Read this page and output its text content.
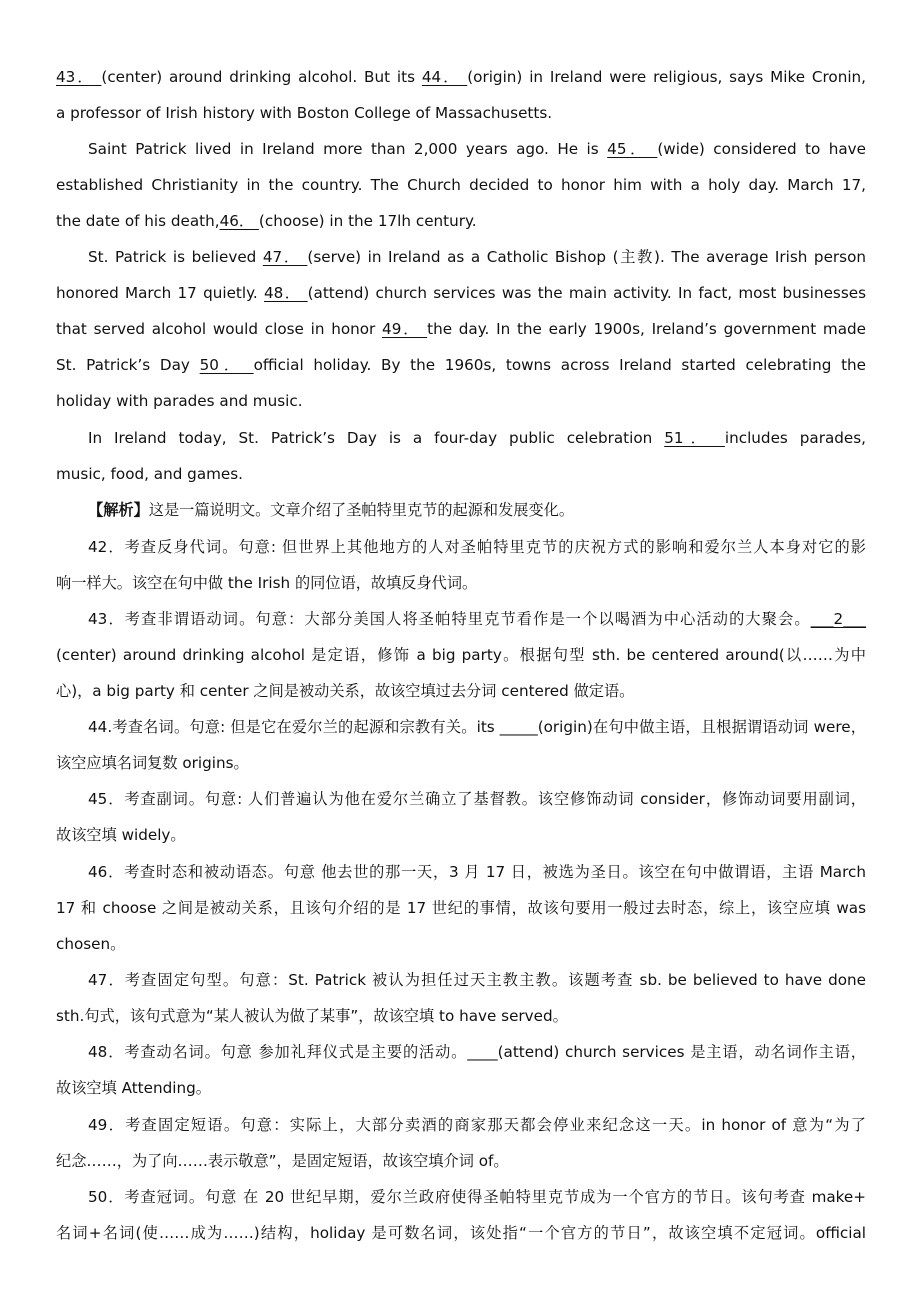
43． (center) around drinking alcohol. But its 44． (origin) in Ireland were religious, says Mike Cronin,
a professor of Irish history with Boston College of Massachusetts.
Saint Patrick lived in Ireland more than 2,000 years ago. He is 45． (wide) considered to have
established Christianity in the country. The Church decided to honor him with a holy day. March 17,
the date of his death,46． (choose) in the 17lh century.
St. Patrick is believed 47． (serve) in Ireland as a Catholic Bishop (主教). The average Irish person
honored March 17 quietly. 48． (attend) church services was the main activity. In fact, most businesses
that served alcohol would close in honor 49． the day. In the early 1900s, Ireland’s government made
St. Patrick’s Day 50． official holiday. By the 1960s, towns across Ireland started celebrating the
holiday with parades and music.
In Ireland today, St. Patrick’s Day is a four-day public celebration 51． includes parades,
music, food, and games.
【解析】这是一篇说明文。文章介绍了圣帕特里克节的起源和发展变化。
42．考查反身代词。句意: 但世界上其他地方的人对圣帕特里克节的庆祝方式的影响和爱尔兰人本身对它的影
响一样大。该空在句中做 the Irish 的同位语，故填反身代词。
43．考查非谓语动词。句意：大部分美国人将圣帕特里克节看作是一个以喝酒为中心活动的大聚会。___2___
(center) around drinking alcohol 是定语，修饰 a big party。根据句型 sth. be centered around(以……为中
心)，a big party 和 center 之间是被动关系，故该空填过去分词 centered 做定语。
44.考查名词。句意: 但是它在爱尔兰的起源和宗教有关。its _____(origin)在句中做主语，且根据谓语动词 were，
该空应填名词复数 origins。
45．考查副词。句意: 人们普遍认为他在爱尔兰确立了基督教。该空修饰动词 consider，修饰动词要用副词，
故该空填 widely。
46．考查时态和被动语态。句意 他去世的那一天，3 月 17 日，被选为圣日。该空在句中做谓语，主语 March
17 和 choose 之间是被动关系，且该句介绍的是 17 世纪的事情，故该句要用一般过去时态，综上，该空应填 was
chosen。
47．考查固定句型。句意：St. Patrick 被认为担任过天主教主教。该题考查 sb. be believed to have done
sth.句式，该句式意为“某人被认为做了某事”，故该空填 to have served。
48．考查动名词。句意 参加礼拜仪式是主要的活动。____(attend) church services 是主语，动名词作主语，
故该空填 Attending。
49．考查固定短语。句意：实际上，大部分卖酒的商家那天都会停业来纪念这一天。in honor of 意为“为了
纪念……，为了向……表示敬意”，是固定短语，故该空填介词 of。
50．考查冠词。句意 在 20 世纪早期，爱尔兰政府使得圣帕特里克节成为一个官方的节日。该句考查 make+
名词+名词(使……成为……)结构，holiday 是可数名词，该处指“一个官方的节日”，故该空填不定冠词。official
